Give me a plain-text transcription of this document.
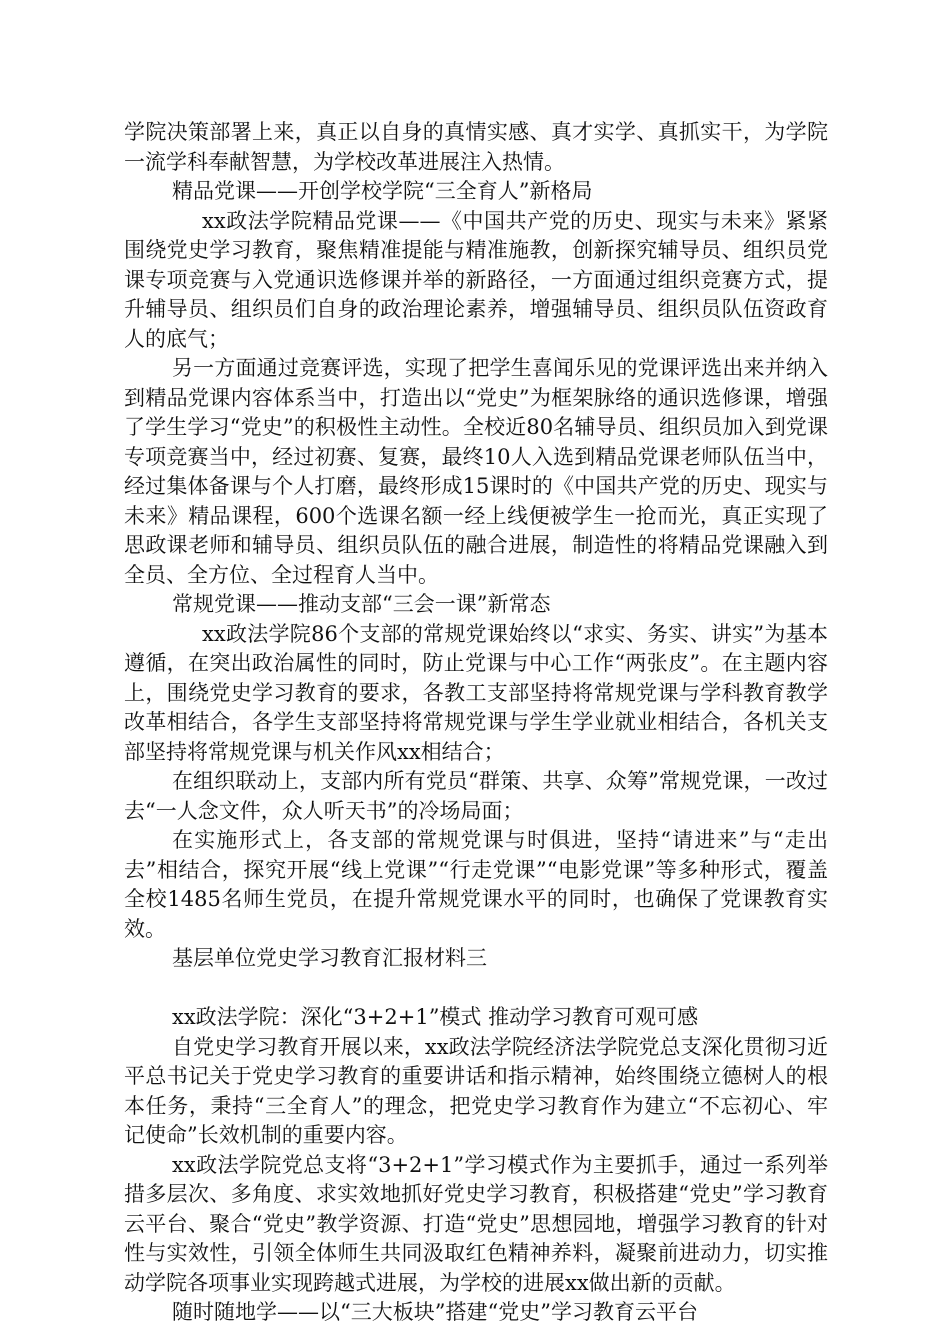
学院决策部署上来，真正以自身的真情实感、真才实学、真抓实干，为学院一流学科奉献智慧，为学校改革进展注入热情。

精品党课——开创学校学院“三全育人”新格局

xx政法学院精品党课——《中国共产党的历史、现实与未来》紧紧围绕党史学习教育，聚焦精准提能与精准施教，创新探究辅导员、组织员党课专项竞赛与入党通识选修课并举的新路径，一方面通过组织竞赛方式，提升辅导员、组织员们自身的政治理论素养，增强辅导员、组织员队伍资政育人的底气；

另一方面通过竞赛评选，实现了把学生喜闻乐见的党课评选出来并纳入到精品党课内容体系当中，打造出以“党史”为框架脉络的通识选修课，增强了学生学习“党史”的积极性主动性。全校近80名辅导员、组织员加入到党课专项竞赛当中，经过初赛、复赛，最终10人入选到精品党课老师队伍当中，经过集体备课与个人打磨，最终形成15课时的《中国共产党的历史、现实与未来》精品课程，600个选课名额一经上线便被学生一抢而光，真正实现了思政课老师和辅导员、组织员队伍的融合进展，制造性的将精品党课融入到全员、全方位、全过程育人当中。

常规党课——推动支部“三会一课”新常态

xx政法学院86个支部的常规党课始终以“求实、务实、讲实”为基本遵循，在突出政治属性的同时，防止党课与中心工作“两张皮”。在主题内容上，围绕党史学习教育的要求，各教工支部坚持将常规党课与学科教育教学改革相结合，各学生支部坚持将常规党课与学生学业就业相结合，各机关支部坚持将常规党课与机关作风xx相结合；

在组织联动上，支部内所有党员“群策、共享、众筹”常规党课，一改过去“一人念文件，众人听天书”的冷场局面；

在实施形式上，各支部的常规党课与时俱进，坚持“请进来”与“走出去”相结合，探究开展“线上党课”“行走党课”“电影党课”等多种形式，覆盖全校1485名师生党员，在提升常规党课水平的同时，也确保了党课教育实效。

基层单位党史学习教育汇报材料三

xx政法学院：深化“3+2+1”模式 推动学习教育可观可感

自党史学习教育开展以来，xx政法学院经济法学院党总支深化贯彻习近平总书记关于党史学习教育的重要讲话和指示精神，始终围绕立德树人的根本任务，秉持“三全育人”的理念，把党史学习教育作为建立“不忘初心、牢记使命”长效机制的重要内容。

xx政法学院党总支将“3+2+1”学习模式作为主要抓手，通过一系列举措多层次、多角度、求实效地抓好党史学习教育，积极搭建“党史”学习教育云平台、聚合“党史”教学资源、打造“党史”思想园地，增强学习教育的针对性与实效性，引领全体师生共同汲取红色精神养料，凝聚前进动力，切实推动学院各项事业实现跨越式进展，为学校的进展xx做出新的贡献。

随时随地学——以“三大板块”搭建“党史”学习教育云平台
